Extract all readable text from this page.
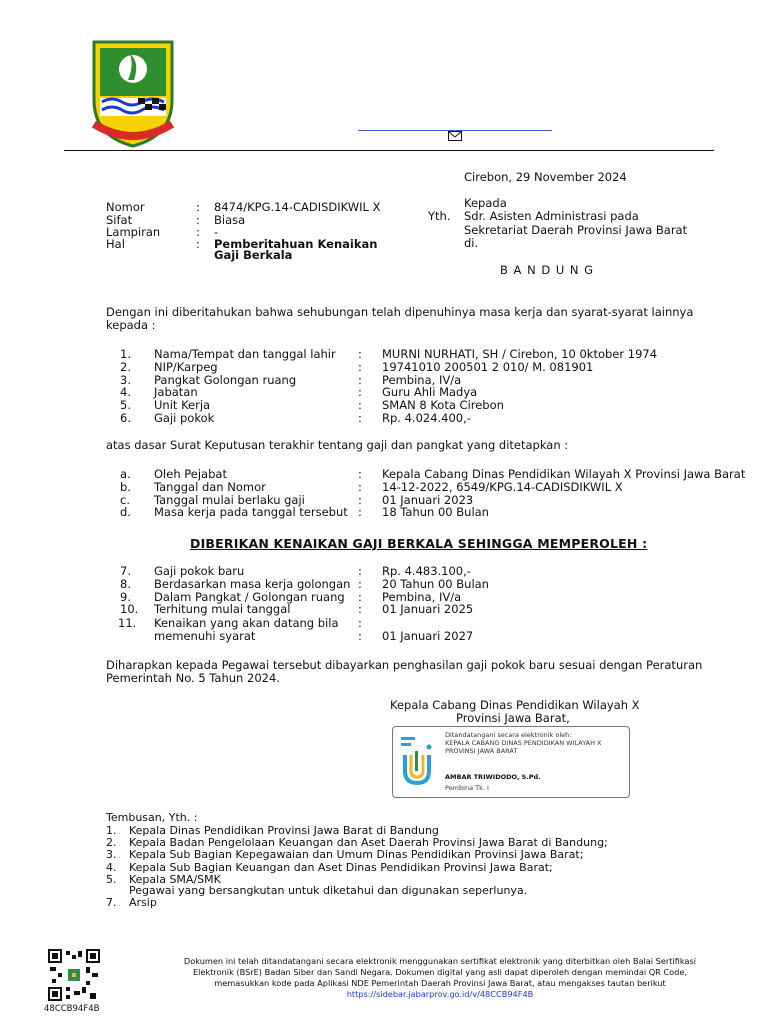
Cirebon, 29 November 2024
Nomor	: 8474/KPG.14-CADISDIKWIL X
Sifat	: Biasa
Lampiran	: -
Hal	: Pemberitahuan Kenaikan
Gaji Berkala
Kepada
Yth. Sdr. Asisten Administrasi pada
Sekretariat Daerah Provinsi Jawa Barat
di.
B A N D U N G
Dengan ini diberitahukan bahwa sehubungan telah dipenuhinya masa kerja dan syarat-syarat lainnya
kepada :
1. Nama/Tempat dan tanggal lahir : MURNI NURHATI, SH / Cirebon, 10 0ktober 1974
2. NIP/Karpeg	: 19741010 200501 2 010/ M. 081901
3. Pangkat Golongan ruang	: Pembina, IV/a
4. Jabatan	: Guru Ahli Madya
5. Unit Kerja	: SMAN 8 Kota Cirebon
6. Gaji pokok	: Rp. 4.024.400,-
atas dasar Surat Keputusan terakhir tentang gaji dan pangkat yang ditetapkan :
a. Oleh Pejabat	: Kepala Cabang Dinas Pendidikan Wilayah X Provinsi Jawa Barat
b. Tanggal dan Nomor	: 14-12-2022, 6549/KPG.14-CADISDIKWIL X
c. Tanggal mulai berlaku gaji	: 01 Januari 2023
d. Masa kerja pada tanggal tersebut : 18 Tahun 00 Bulan
DIBERIKAN KENAIKAN GAJI BERKALA SEHINGGA MEMPEROLEH :
7. Gaji pokok baru	: Rp. 4.483.100,-
8. Berdasarkan masa kerja golongan : 20 Tahun 00 Bulan
9. Dalam Pangkat / Golongan ruang : Pembina, IV/a
10. Terhitung mulai tanggal	: 01 Januari 2025
11. Kenaikan yang akan datang bila :
memenuhi syarat	: 01 Januari 2027
Diharapkan kepada Pegawai tersebut dibayarkan penghasilan gaji pokok baru sesuai dengan Peraturan
Pemerintah No. 5 Tahun 2024.
Kepala Cabang Dinas Pendidikan Wilayah X
Provinsi Jawa Barat,
Ditandatangani secara elektronik oleh:
KEPALA CABANG DINAS PENDIDIKAN WILAYAH X
PROVINSI JAWA BARAT
AMBAR TRIWIDODO, S.Pd.
Pembina Tk. I
Tembusan, Yth. :
1. Kepala Dinas Pendidikan Provinsi Jawa Barat di Bandung
2. Kepala Badan Pengelolaan Keuangan dan Aset Daerah Provinsi Jawa Barat di Bandung;
3. Kepala Sub Bagian Kepegawaian dan Umum Dinas Pendidikan Provinsi Jawa Barat;
4. Kepala Sub Bagian Keuangan dan Aset Dinas Pendidikan Provinsi Jawa Barat;
5. Kepala SMA/SMK
Pegawai yang bersangkutan untuk diketahui dan digunakan seperlunya.
7. Arsip
48CCB94F4B
Dokumen ini telah ditandatangani secara elektronik menggunakan sertifikat elektronik yang diterbitkan oleh Balai Sertifikasi
Elektronik (BSrE) Badan Siber dan Sandi Negara. Dokumen digital yang asli dapat diperoleh dengan memindai QR Code,
memasukkan kode pada Aplikasi NDE Pemerintah Daerah Provinsi Jawa Barat, atau mengakses tautan berikut
https://sidebar.jabarprov.go.id/v/48CCB94F4B
